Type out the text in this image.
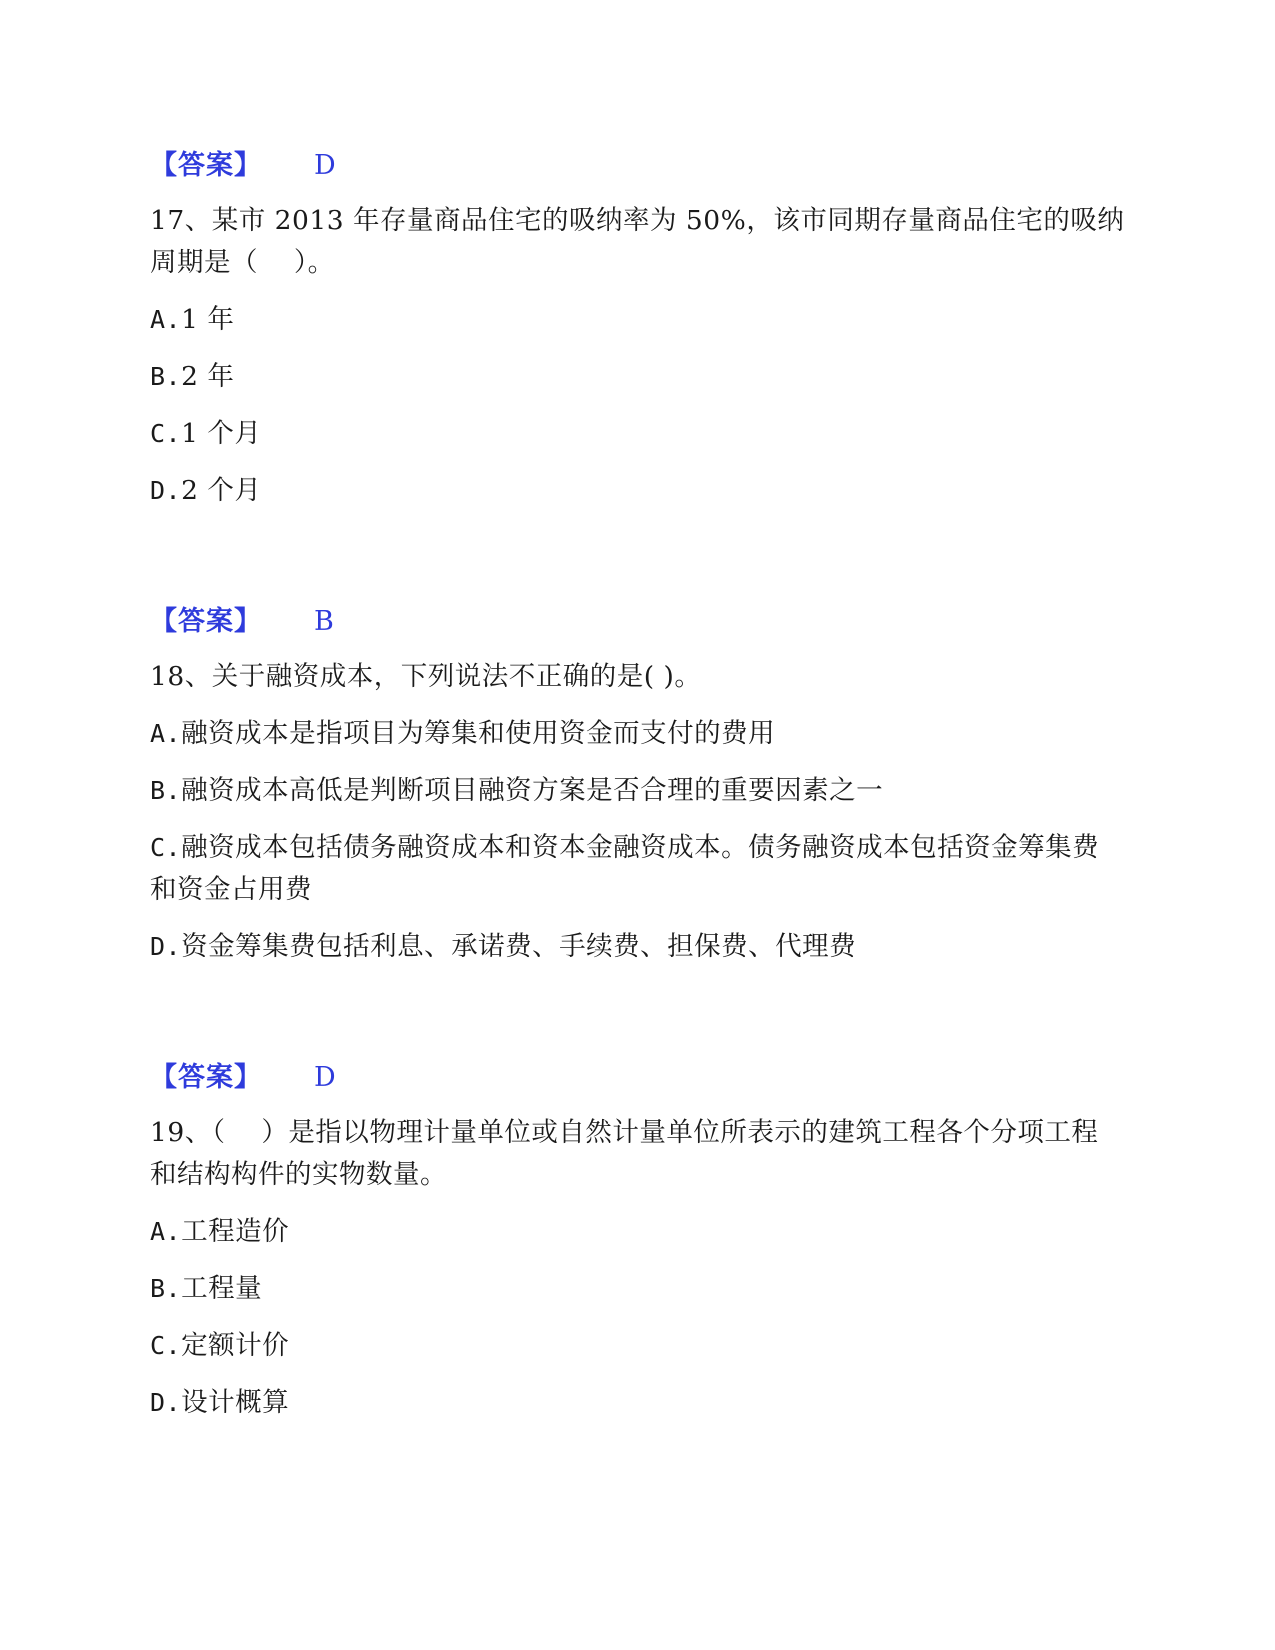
【答案】 D
17、某市 2013 年存量商品住宅的吸纳率为 50%，该市同期存量商品住宅的吸纳周期是（　 ）。
A.1 年
B.2 年
C.1 个月
D.2 个月
【答案】 B
18、关于融资成本，下列说法不正确的是( )。
A.融资成本是指项目为筹集和使用资金而支付的费用
B.融资成本高低是判断项目融资方案是否合理的重要因素之一
C.融资成本包括债务融资成本和资本金融资成本。债务融资成本包括资金筹集费和资金占用费
D.资金筹集费包括利息、承诺费、手续费、担保费、代理费
【答案】 D
19、（　 ）是指以物理计量单位或自然计量单位所表示的建筑工程各个分项工程和结构构件的实物数量。
A.工程造价
B.工程量
C.定额计价
D.设计概算
